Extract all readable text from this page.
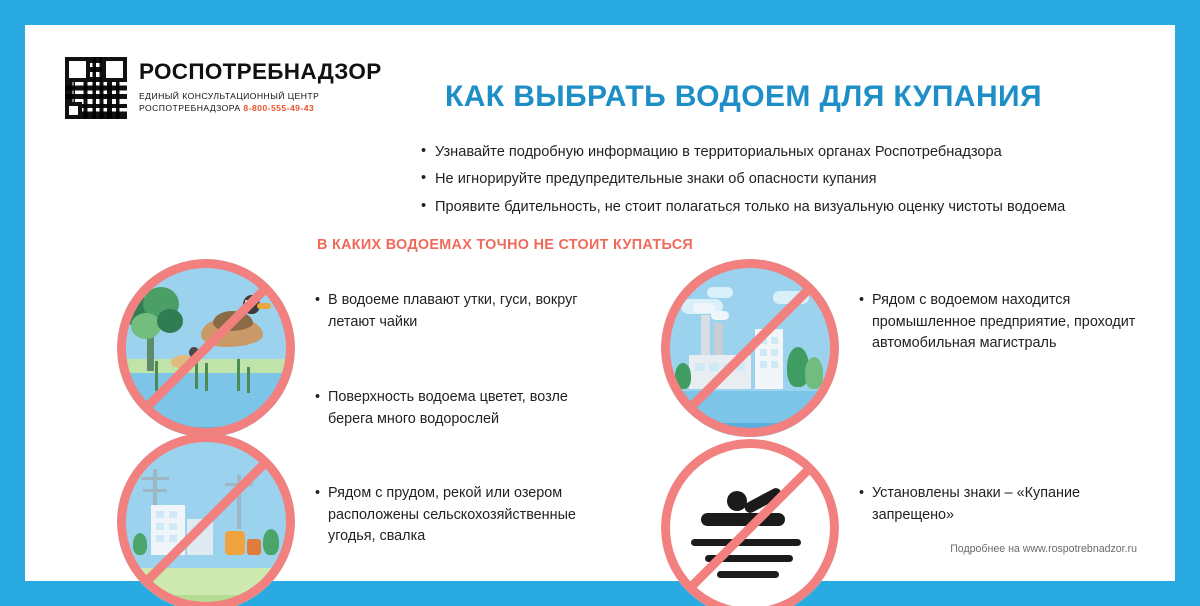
РОСПОТРЕБНАДЗОР
ЕДИНЫЙ КОНСУЛЬТАЦИОННЫЙ ЦЕНТР
РОСПОТРЕБНАДЗОРА 8-800-555-49-43	КАК ВЫБРАТЬ ВОДОЕМ ДЛЯ КУПАНИЯ
• Узнавайте подробную информацию в территориальных органах Роспотребнадзора
• Не игнорируйте предупредительные знаки об опасности купания
• Проявите бдительность, не стоит полагаться только на визуальную оценку чистоты водоема
В КАКИХ ВОДОЕМАХ ТОЧНО НЕ СТОИТ КУПАТЬСЯ
• В водоеме плавают утки, гуси, вокруг летают чайки
• Поверхность водоема цветет, возле берега много водорослей
• Рядом с прудом, рекой или озером расположены сельскохозяйственные угодья, свалка
• Рядом с водоемом находится промышленное предприятие, проходит автомобильная магистраль
• Установлены знаки – «Купание запрещено»
Подробнее на www.rospotrebnadzor.ru
